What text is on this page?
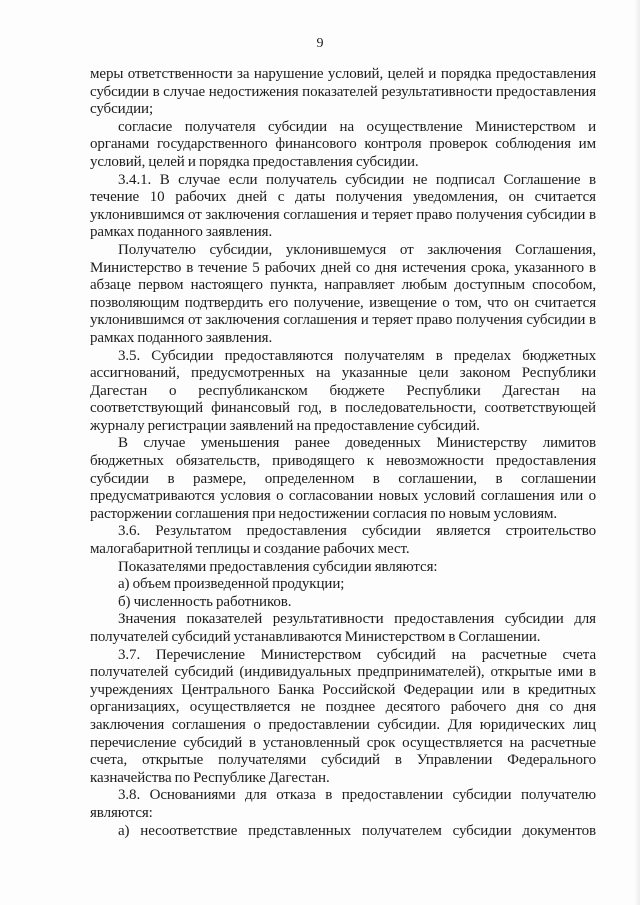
9

меры ответственности за нарушение условий, целей и порядка предоставления субсидии в случае недостижения показателей результативности предоставления субсидии;

согласие получателя субсидии на осуществление Министерством и органами государственного финансового контроля проверок соблюдения им условий, целей и порядка предоставления субсидии.

3.4.1. В случае если получатель субсидии не подписал Соглашение в течение 10 рабочих дней с даты получения уведомления, он считается уклонившимся от заключения соглашения и теряет право получения субсидии в рамках поданного заявления.

Получателю субсидии, уклонившемуся от заключения Соглашения, Министерство в течение 5 рабочих дней со дня истечения срока, указанного в абзаце первом настоящего пункта, направляет любым доступным способом, позволяющим подтвердить его получение, извещение о том, что он считается уклонившимся от заключения соглашения и теряет право получения субсидии в рамках поданного заявления.

3.5. Субсидии предоставляются получателям в пределах бюджетных ассигнований, предусмотренных на указанные цели законом Республики Дагестан о республиканском бюджете Республики Дагестан на соответствующий финансовый год, в последовательности, соответствующей журналу регистрации заявлений на предоставление субсидий.

В случае уменьшения ранее доведенных Министерству лимитов бюджетных обязательств, приводящего к невозможности предоставления субсидии в размере, определенном в соглашении, в соглашении предусматриваются условия о согласовании новых условий соглашения или о расторжении соглашения при недостижении согласия по новым условиям.

3.6. Результатом предоставления субсидии является строительство малогабаритной теплицы и создание рабочих мест.

Показателями предоставления субсидии являются:

а) объем произведенной продукции;

б) численность работников.

Значения показателей результативности предоставления субсидии для получателей субсидий устанавливаются Министерством в Соглашении.

3.7. Перечисление Министерством субсидий на расчетные счета получателей субсидий (индивидуальных предпринимателей), открытые ими в учреждениях Центрального Банка Российской Федерации или в кредитных организациях, осуществляется не позднее десятого рабочего дня со дня заключения соглашения о предоставлении субсидии. Для юридических лиц перечисление субсидий в установленный срок осуществляется на расчетные счета, открытые получателями субсидий в Управлении Федерального казначейства по Республике Дагестан.

3.8. Основаниями для отказа в предоставлении субсидии получателю являются:

а) несоответствие представленных получателем субсидии документов
